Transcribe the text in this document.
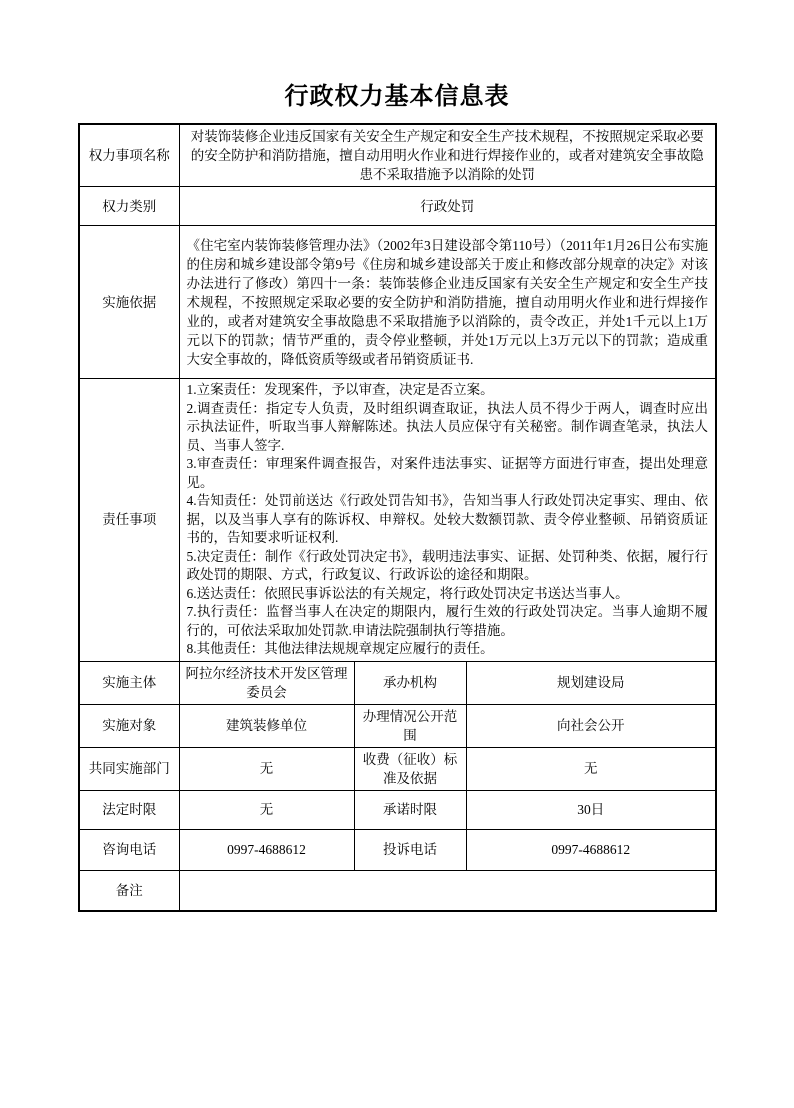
行政权力基本信息表
权力事项名称	对装饰装修企业违反国家有关安全生产规定和安全生产技术规程，不按照规定采取必要的安全防护和消防措施，擅自动用明火作业和进行焊接作业的，或者对建筑安全事故隐患不采取措施予以消除的处罚		
权力类别	行政处罚		
实施依据	《住宅室内装饰装修管理办法》（2002年3日建设部令第110号）（2011年1月26日公布实施的住房和城乡建设部令第9号《住房和城乡建设部关于废止和修改部分规章的决定》对该办法进行了修改）第四十一条：装饰装修企业违反国家有关安全生产规定和安全生产技术规程，不按照规定采取必要的安全防护和消防措施，擅自动用明火作业和进行焊接作业的，或者对建筑安全事故隐患不采取措施予以消除的，责令改正，并处1千元以上1万元以下的罚款；情节严重的，责令停业整顿，并处1万元以上3万元以下的罚款；造成重大安全事故的，降低资质等级或者吊销资质证书.		
责任事项	
1.立案责任：发现案件，予以审查，决定是否立案。
2.调查责任：指定专人负责，及时组织调查取证，执法人员不得少于两人，调查时应出示执法证件，听取当事人辩解陈述。执法人员应保守有关秘密。制作调查笔录，执法人员、当事人签字.
3.审查责任：审理案件调查报告，对案件违法事实、证据等方面进行审查，提出处理意见。
4.告知责任：处罚前送达《行政处罚告知书》，告知当事人行政处罚决定事实、理由、依据，以及当事人享有的陈诉权、申辩权。处较大数额罚款、责令停业整顿、吊销资质证书的，告知要求听证权利.
5.决定责任：制作《行政处罚决定书》，载明违法事实、证据、处罚种类、依据，履行行政处罚的期限、方式，行政复议、行政诉讼的途径和期限。
6.送达责任：依照民事诉讼法的有关规定，将行政处罚决定书送达当事人。
7.执行责任：监督当事人在决定的期限内，履行生效的行政处罚决定。当事人逾期不履行的，可依法采取加处罚款.申请法院强制执行等措施。
8.其他责任：其他法律法规规章规定应履行的责任。

实施主体	阿拉尔经济技术开发区管理委员会	承办机构	规划建设局
实施对象	建筑装修单位	办理情况公开范围	向社会公开
共同实施部门	无	收费（征收）标准及依据	无
法定时限	无	承诺时限	30日
咨询电话	0997-4688612	投诉电话	0997-4688612
备注			
